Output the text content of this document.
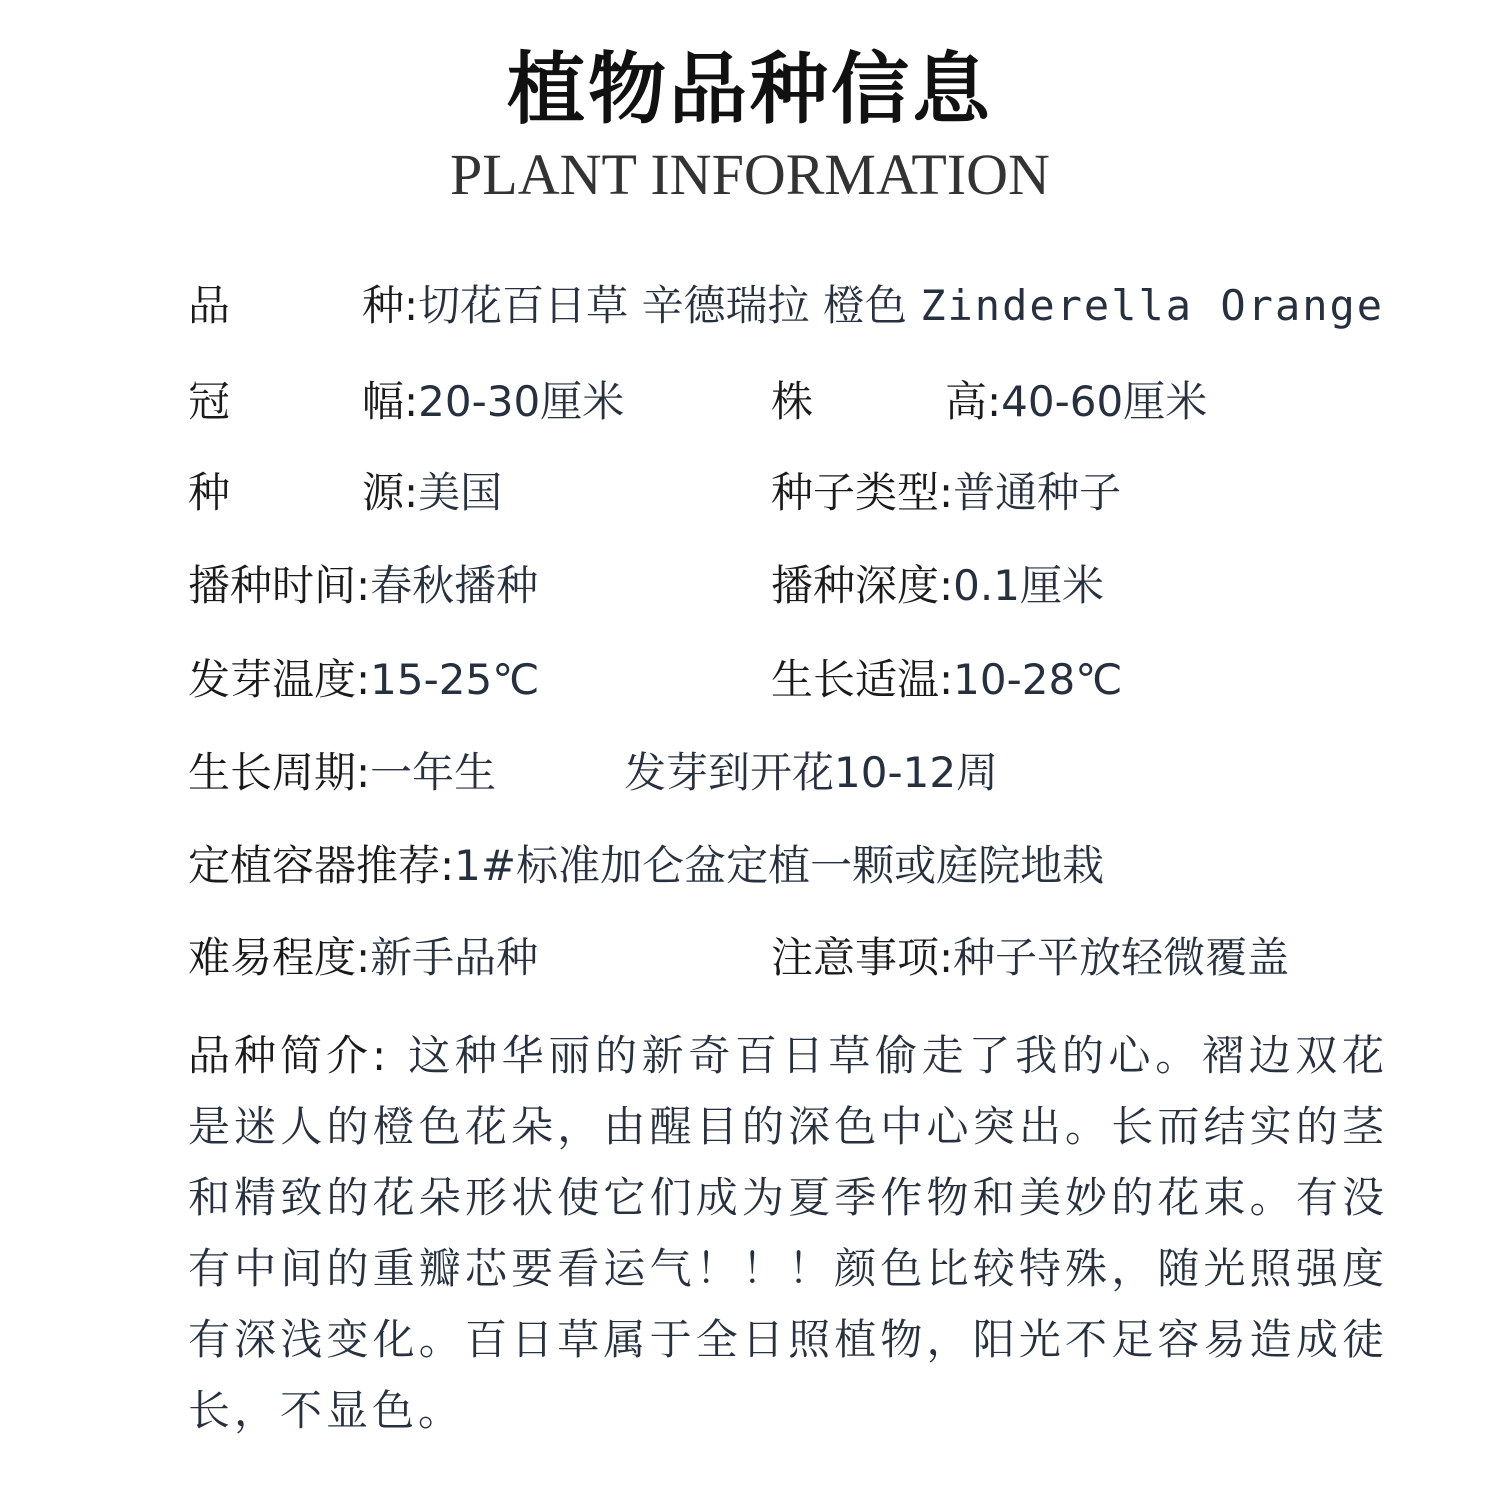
植物品种信息
PLANT INFORMATION
品种:切花百日草 辛德瑞拉 橙色 Zinderella Orange
冠幅:20-30厘米	株高:40-60厘米
种源:美国	种子类型:普通种子
播种时间:春秋播种	播种深度:0.1厘米
发芽温度:15-25℃	生长适温:10-28℃
生长周期:一年生	发芽到开花10-12周
定植容器推荐:1#标准加仑盆定植一颗或庭院地栽
难易程度:新手品种	注意事项:种子平放轻微覆盖
品种简介: 这种华丽的新奇百日草偷走了我的心。褶边双花是迷人的橙色花朵，由醒目的深色中心突出。长而结实的茎和精致的花朵形状使它们成为夏季作物和美妙的花束。有没有中间的重瓣芯要看运气！！！颜色比较特殊，随光照强度有深浅变化。百日草属于全日照植物，阳光不足容易造成徒长，不显色。
